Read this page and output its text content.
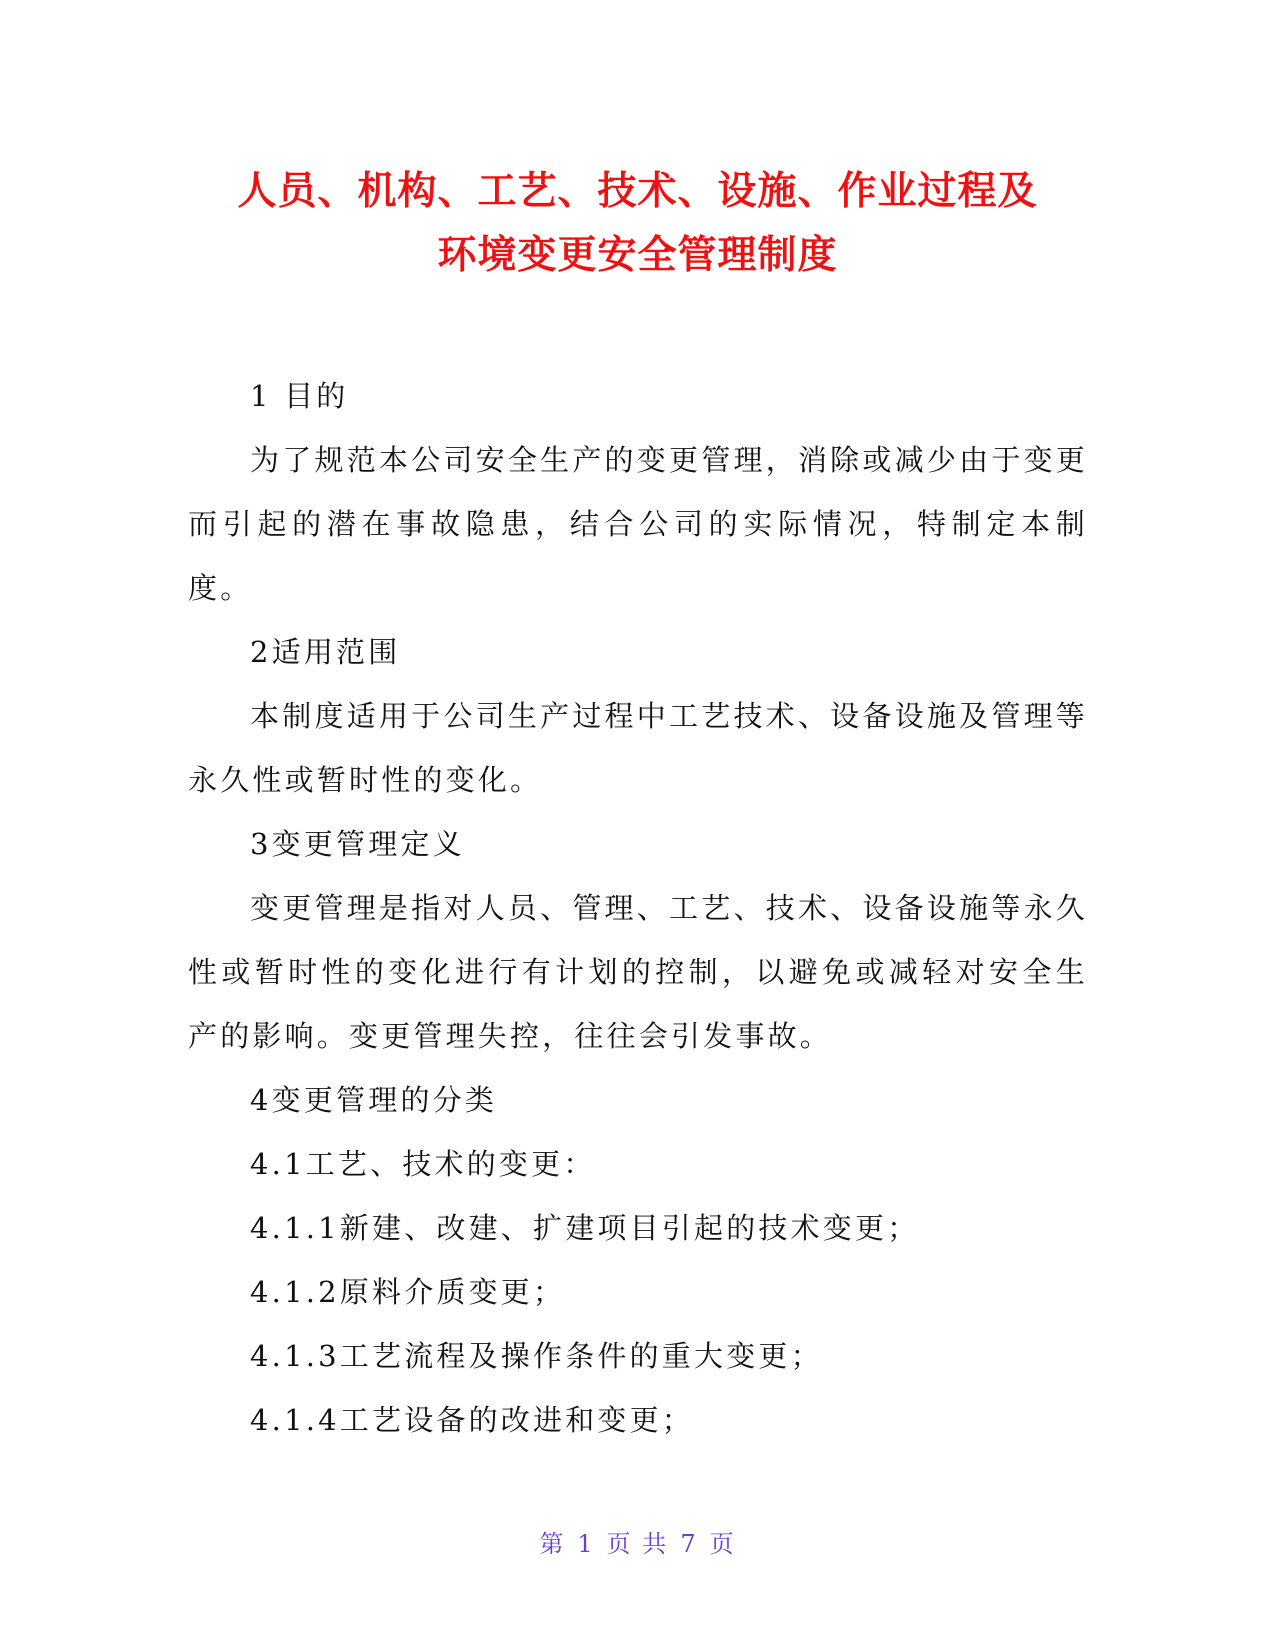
人员、机构、工艺、技术、设施、作业过程及
环境变更安全管理制度

1 目的

为了规范本公司安全生产的变更管理，消除或减少由于变更而引起的潜在事故隐患，结合公司的实际情况，特制定本制度。

2适用范围

本制度适用于公司生产过程中工艺技术、设备设施及管理等永久性或暂时性的变化。

3变更管理定义

变更管理是指对人员、管理、工艺、技术、设备设施等永久性或暂时性的变化进行有计划的控制，以避免或减轻对安全生产的影响。变更管理失控，往往会引发事故。

4变更管理的分类

4.1工艺、技术的变更：

4.1.1新建、改建、扩建项目引起的技术变更；

4.1.2原料介质变更；

4.1.3工艺流程及操作条件的重大变更；

4.1.4工艺设备的改进和变更；

第 1 页 共 7 页
